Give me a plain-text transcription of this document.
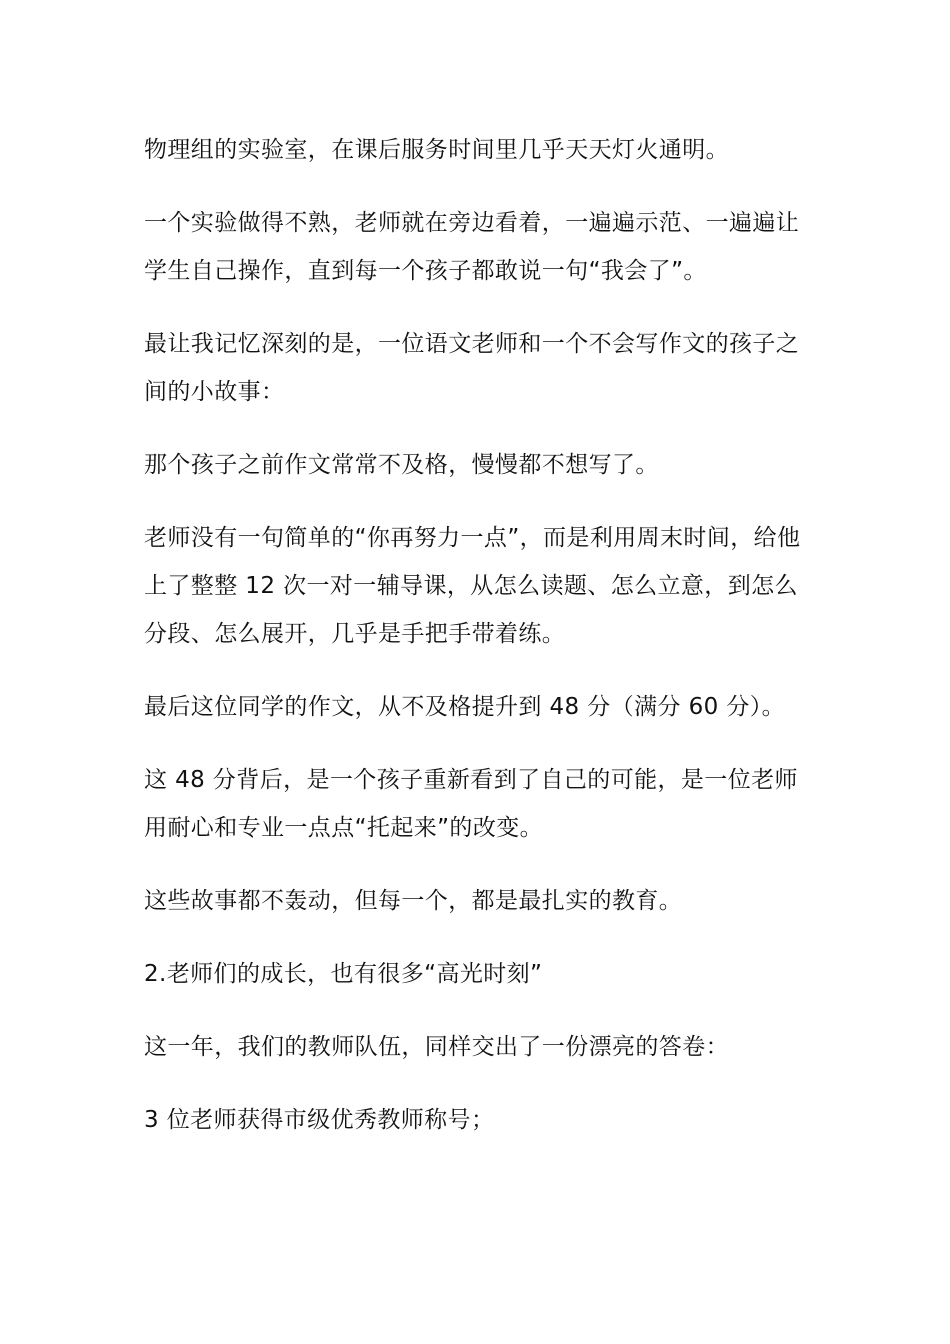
物理组的实验室，在课后服务时间里几乎天天灯火通明。

一个实验做得不熟，老师就在旁边看着，一遍遍示范、一遍遍让学生自己操作，直到每一个孩子都敢说一句“我会了”。

最让我记忆深刻的是，一位语文老师和一个不会写作文的孩子之间的小故事：

那个孩子之前作文常常不及格，慢慢都不想写了。

老师没有一句简单的“你再努力一点”，而是利用周末时间，给他上了整整 12 次一对一辅导课，从怎么读题、怎么立意，到怎么分段、怎么展开，几乎是手把手带着练。

最后这位同学的作文，从不及格提升到 48 分（满分 60 分）。

这 48 分背后，是一个孩子重新看到了自己的可能，是一位老师用耐心和专业一点点“托起来”的改变。

这些故事都不轰动，但每一个，都是最扎实的教育。

2.老师们的成长，也有很多“高光时刻”

这一年，我们的教师队伍，同样交出了一份漂亮的答卷：

3 位老师获得市级优秀教师称号；
